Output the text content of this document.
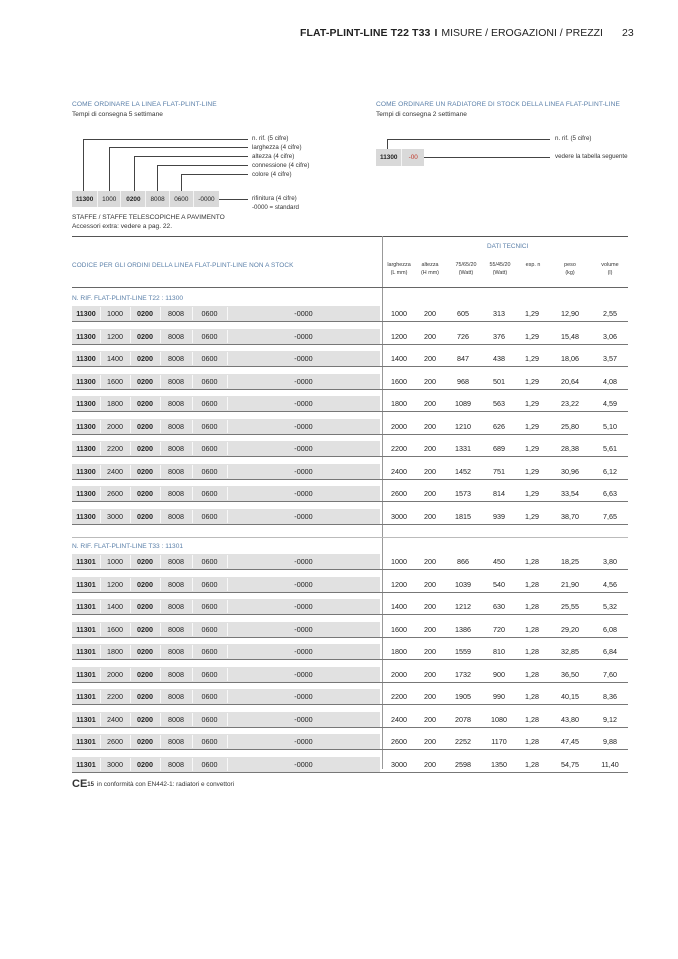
FLAT-PLINT-LINE T22 T33 I MISURE / EROGAZIONI / PREZZI 23
COME ORDINARE LA LINEA FLAT-PLINT-LINE
Tempi di consegna 5 settimane
n. rif. (5 cifre)
larghezza (4 cifre)
altezza (4 cifre)
connessione (4 cifre)
colore (4 cifre)
rifinitura (4 cifre)
-0000 = standard
11300	1000	0200	8008	0600	-0000
STAFFE / STAFFE TELESCOPICHE A PAVIMENTO
Accessori extra: vedere a pag. 22.
COME ORDINARE UN RADIATORE DI STOCK DELLA LINEA FLAT-PLINT-LINE
Tempi di consegna 2 settimane
n. rif. (5 cifre)
vedere la tabella seguente
11300	-00
CODICE PER GLI ORDINI DELLA LINEA FLAT-PLINT-LINE NON A STOCK
DATI TECNICI
larghezza
(L mm)
altezza
(H mm)
75/65/20
(Watt)
55/45/20
(Watt)
esp. n	peso
(kg)
volume
(l)
N. RIF. FLAT-PLINT-LINE T22 : 11300
11300	1000	0200	8008	0600	-0000	1000	200	605	313	1,29	12,90	2,55
11300	1200	0200	8008	0600	-0000	1200	200	726	376	1,29	15,48	3,06
11300	1400	0200	8008	0600	-0000	1400	200	847	438	1,29	18,06	3,57
11300	1600	0200	8008	0600	-0000	1600	200	968	501	1,29	20,64	4,08
11300	1800	0200	8008	0600	-0000	1800	200	1089	563	1,29	23,22	4,59
11300	2000	0200	8008	0600	-0000	2000	200	1210	626	1,29	25,80	5,10
11300	2200	0200	8008	0600	-0000	2200	200	1331	689	1,29	28,38	5,61
11300	2400	0200	8008	0600	-0000	2400	200	1452	751	1,29	30,96	6,12
11300	2600	0200	8008	0600	-0000	2600	200	1573	814	1,29	33,54	6,63
11300	3000	0200	8008	0600	-0000	3000	200	1815	939	1,29	38,70	7,65
N. RIF. FLAT-PLINT-LINE T33 : 11301
11301	1000	0200	8008	0600	-0000	1000	200	866	450	1,28	18,25	3,80
11301	1200	0200	8008	0600	-0000	1200	200	1039	540	1,28	21,90	4,56
11301	1400	0200	8008	0600	-0000	1400	200	1212	630	1,28	25,55	5,32
11301	1600	0200	8008	0600	-0000	1600	200	1386	720	1,28	29,20	6,08
11301	1800	0200	8008	0600	-0000	1800	200	1559	810	1,28	32,85	6,84
11301	2000	0200	8008	0600	-0000	2000	200	1732	900	1,28	36,50	7,60
11301	2200	0200	8008	0600	-0000	2200	200	1905	990	1,28	40,15	8,36
11301	2400	0200	8008	0600	-0000	2400	200	2078	1080	1,28	43,80	9,12
11301	2600	0200	8008	0600	-0000	2600	200	2252	1170	1,28	47,45	9,88
11301	3000	0200	8008	0600	-0000	3000	200	2598	1350	1,28	54,75	11,40
CE15 in conformità con EN442-1: radiatori e convettori
